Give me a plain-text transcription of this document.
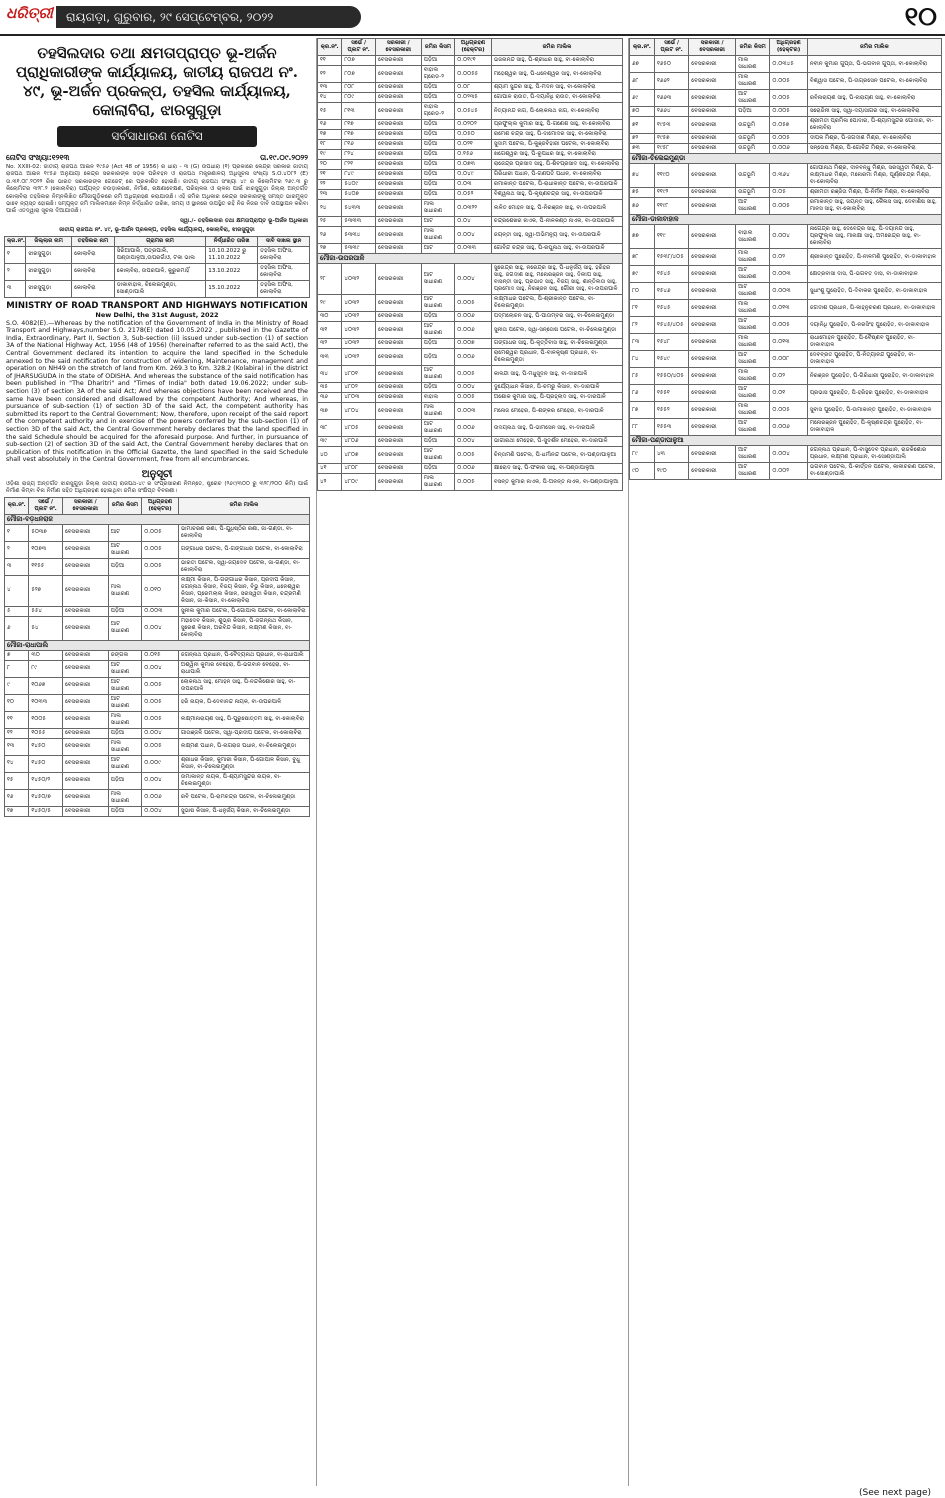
ଧରିତ୍ରୀ	ରାୟଗଡ଼ା, ଗୁରୁବାର, ୨୯ ସେପ୍ଟେମ୍ବର, ୨୦୨୨	୧୦
ତହସିଲଦାର ତଥା କ୍ଷମତାପ୍ରାପ୍ତ ଭୂ-ଅର୍ଜନ ପ୍ରାଧିକାରୀଙ୍କ କାର୍ଯ୍ୟାଳୟ, ଜାତୀୟ ରାଜପଥ ନଂ. ୪୯, ଭୂ-ଅର୍ଜନ ପ୍ରକଳ୍ପ, ତହସିଲ କାର୍ଯ୍ୟାଳୟ, କୋଲାବିରା, ଝାରସୁଗୁଡ଼ା
ସର୍ବସାଧାରଣ ନୋଟିସ
ନୋଟିସ ସଂଖ୍ୟା:୧୨୧୩	ତା.୧୯.୦୯.୨୦୨୨
No. XXIII-02: ଜାତୀୟ ରାଜପଥ ଆଇନ ୧୯୫୬ (Act 48 of 1956) ର ଧାରା - ୩ (G) ଉପଧାରା (୧) ପ୍ରକାରେ କେନ୍ଦ୍ର ସରକାର ଜାତୀୟ ରାଜପଥ ଆଇନ ୧୯୫୬ ଅନୁଯାୟୀ କେନ୍ଦ୍ର ସରକାରଙ୍କ ସଡ଼କ ପରିବହନ ଓ ରାଜପଥ ମନ୍ତ୍ରଣାଳୟ ଅଧିସୂଚନା ସଂଖ୍ୟା S.O.୪୦୮୨ (E) ତା.୩୧.୦୮.୨୦୨୨ ରିଖ ଭାରତ ସରକାରଙ୍କ ଗେଜେଟ୍ ରେ ପ୍ରକାଶିତ ହୋଇଛି। ଜାତୀୟ ରାଜପଥ ସଂଖ୍ୟା ୪୯ ର କିଲୋମିଟର ୨୬୯.୩ ରୁ କିଲୋମିଟର ୩୨୮.୨ (କୋଲାବିରା) ପର୍ଯ୍ୟନ୍ତ ଚଉଡ଼ାକରଣ, ନିର୍ମାଣ, ରକ୍ଷଣାବେକ୍ଷଣ, ପରିଚାଳନା ଓ ଚାଳନା ପାଇଁ ଝାରସୁଗୁଡ଼ା ଜିଲ୍ଲା ଅନ୍ତର୍ଗତ କୋଲାବିରା ତହସିଲର ନିମ୍ନଲିଖିତ ମୌଜାଗୁଡ଼ିକରେ ଜମି ଅଧିଗ୍ରହଣ କରାଯାଉଛି। ଏହି ଜମିର ଅଧିକାର କେନ୍ଦ୍ର ସରକାରଙ୍କୁ ସମସ୍ତ ଭାରମୁକ୍ତ ଭାବେ ନ୍ୟସ୍ତ ହୋଇଛି। ସମ୍ପୃକ୍ତ ଜମି ମାଲିକମାନେ ନିମ୍ନ ନିର୍ଦ୍ଧାରିତ ତାରିଖ, ସମୟ ଓ ସ୍ଥାନରେ ଉପସ୍ଥିତ ରହି ନିଜ ନିଜର ଦାବି ଉପସ୍ଥାପନ କରିବା ପାଇଁ ଏତଦ୍ୱାରା ସୂଚନା ଦିଆଯାଉଛି।
ସ୍ୱା./- ତହସିଲଦାର ତଥା କ୍ଷମତାପ୍ରାପ୍ତ ଭୂ-ଅର୍ଜନ ଅଧିକାରୀ
ଜାତୀୟ ରାଜପଥ ନଂ. ୪୯, ଭୂ-ଅର୍ଜନ ପ୍ରକଳ୍ପ, ତହସିଲ କାର୍ଯ୍ୟାଳୟ, କୋଲାବିରା, ଝାରସୁଗୁଡ଼ା
କ୍ର.ନଂ.	ଜିଲ୍ଲାର ନାମ	ତହସିଲର ନାମ	ଗ୍ରାମର ନାମ	ନିର୍ଦ୍ଧାରିତ ତାରିଖ	ଦାବି ଦାଖଲ ସ୍ଥାନ
୧	ଝାରସୁଗୁଡ଼ା	କୋଲାବିରା	ସିରିଆପାଲି, ପତ୍ରପାଲି, ପଣ୍ଡାପାଳୁଆ,ଉପରଗାଁଓ, ଟକା ଭାଲ	10.10.2022 ରୁ 11.10.2022	ତହସିଲ ଅଫିସ, କୋଲାବିରା
୨	ଝାରସୁଗୁଡ଼ା	କୋଲାବିରା	କୋଲାବିରା, ଉପରପାଳି, କୁରୁରମାହିଁ	13.10.2022	ତହସିଲ ଅଫିସ, କୋଲାବିରା
୩	ଝାରସୁଗୁଡ଼ା	କୋଲାବିରା	ଡାକାବାହାଳ, ଚିଲେଇମୁଣ୍ଡା, ସୋଣ୍ଡାପାଲି	15.10.2022	ତହସିଲ ଅଫିସ, କୋଲାବିରା
MINISTRY OF ROAD TRANSPORT AND HIGHWAYS NOTIFICATION
New Delhi, the 31st August, 2022
S.O. 4082(E).—Whereas by the notification of the Government of India in the Ministry of Road Transport and Highways,number S.O. 2178(E) dated 10.05.2022 , published in the Gazette of India, Extraordinary, Part II, Section 3, Sub-section (ii) issued under sub-section (1) of section 3A of the National Highway Act, 1956 (48 of 1956) (hereinafter referred to as the said Act), the Central Government declared its intention to acquire the land specified in the Schedule annexed to the said notification for construction of widening, Maintenance, management and operation on NH49 on the stretch of land from Km. 269.3 to Km. 328.2 (Kolabira) in the district of JHARSUGUDA in the state of ODISHA. And whereas the substance of the said notification has been published in "The Dharitri" and "Times of India" both dated 19.06.2022; under sub-section (3) of section 3A of the said Act; And whereas objections have been received and the same have been considered and disallowed by the competent Authority; And whereas, in pursuance of sub-section (1) of section 3D of the said Act, the competent authority has submitted its report to the Central Government; Now, therefore, upon receipt of the said report of the competent authority and in exercise of the powers conferred by the sub-section (1) of section 3D of the said Act, the Central Government hereby declares that the land specified in the said Schedule should be acquired for the aforesaid purpose. And further, in pursuance of sub-section (2) of section 3D of the said Act, the Central Government hereby declares that on publication of this notification in the Official Gazette, the land specified in the said Schedule shall vest absolutely in the Central Government, free from all encumbrances.
ଅନୁସୂଚୀ
ଓଡ଼ିଶା ରାଜ୍ୟ ଅନ୍ତର୍ଗତ ଝାରସୁଗୁଡ଼ା ଜିଲ୍ଲା ଜାତୀୟ ରାଜପଥ-୪୯ ର ସଂପ୍ରସାରଣ ନିମନ୍ତେ, ଷ୍ଟ୍ରେଚ (୨୬୯/୩୦୦ ରୁ ୩୨୮/୨୦୦ କିମି) ପାଇଁ ନିର୍ମାଣ କିମ୍ବା ବିନା ନିର୍ମାଣ ସହିତ ଅଧିଗ୍ରହଣ ହୋଇଥିବା ଜମିର ସଂକ୍ଷିପ୍ତ ବିବରଣୀ।
କ୍ର.ନଂ.	ସର୍ଭେ / ପ୍ଲଟ ନଂ.	ସରକାରୀ / ବେସରକାରୀ	ଜମିର କିସମ	ଅଧିଗ୍ରହଣ (ହେକ୍ଟର)	ଜମିର ମାଲିକ
ମୌଜା-ବଡ଼ଧନରାଜ					
୧	୫୦୩୭	ବେସରକାରୀ	ଆଟ	୦.୦୦୫	ଭାମାଚରଣ ରଣା, ପି-ଯୁଧିଷ୍ଠିର ରଣା, ଜା-ଗଣ୍ଡା, ବା-କୋଲାବିରା
୨	୧୦୭୩	ବେସରକାରୀ	ଆଟ ସାଧାରଣ	୦.୦୦୫	ଗଙ୍ଗାଧର ପଟେଲ, ପି-ଗଙ୍ଗାଧର ପଟେଲ, ବା-କୋଲାବିରା
୩	୧୧୫୫	ବେସରକାରୀ	ପଡ଼ିଆ	୦.୦୦୫	ଭାରତୀ ପଟେଲ, ସ୍ୱା-ଜୟଦେବ ପଟେଲ, ଜା-ଗଣ୍ଡା, ବା-କୋଲାବିରା
୪	୫୨୭	ବେସରକାରୀ	ମାଲ ସାଧାରଣ	୦.୦୧୦	ଲକ୍ଷ୍ମୀ କିସାନ, ପି-ଗଙ୍ଗାଧର କିସାନ, ପ୍ରଦୀପ କିସାନ, ଜଗନ୍ନାଥ କିସାନ, ବିଜୟ କିସାନ, ବିଭୁ କିସାନ, ଧନେଶ୍ୱର କିସାନ, ପ୍ରେମଲାଲ କିସାନ, ସରସ୍ୱତୀ କିସାନ, ଚନ୍ଦ୍ରମଣି କିସାନ, ଜା-କିସାନ, ବା-କୋଲାବିରା
୫	୫୫୪	ବେସରକାରୀ	ପଡ଼ିଆ	୦.୦୦୩	ସୁନୀଲ କୁମାର ପଟେଲ, ପି-ଗୋପାଲ ପଟେଲ, ବା-କୋଲାବିରା
୬	୫୪	ବେସରକାରୀ	ଆଟ ସାଧାରଣ	୦.୦୦୪	ମହାଦେବ କିସାନ, ଶୁଭ୍ର କିସାନ, ପି-ଜଗନ୍ନାଥ କିସାନ, ସୁରେଶ କିସାନ, ଅରବିନ୍ଦ କିସାନ, ଲକ୍ଷ୍ମଣ କିସାନ, ବା-କୋଲାବିରା
ମୌଜା-ରାଧାପାଲି					
୭	୩୦	ବେସରକାରୀ	ଜଙ୍ଗଲ	୦.୦୧୫	ଜଗନ୍ନାଥ ପ୍ରଧାନ, ପି-ବୈଦ୍ୟନାଥ ପ୍ରଧାନ, ବା-ରାଧାପାଲି
୮	୮୯	ବେସରକାରୀ	ଆଟ ସାଧାରଣ	୦.୦୦୪	ଅଶ୍ୱିନୀ କୁମାର ବେହେରା, ପି-ଭଗବାନ ବେହେରା, ବା-ରାଧାପାଲି
୯	୧୦୬୭	ବେସରକାରୀ	ଆଟ ସାଧାରଣ	୦.୦୦୫	ଲୋକନାଥ ସାହୁ, ମୋହନ ସାହୁ, ପି-ନନ୍ଦକିଶୋର ସାହୁ, ବା-ଉପରପାଳି
୧୦	୧୦୩୩	ବେସରକାରୀ	ଆଟ ସାଧାରଣ	୦.୦୦୫	ହରି ନାୟକ, ପି-ଦେବାନନ୍ଦ ନାୟକ, ବା-ଉପରପାଳି
୧୧	୧୦୦୫	ବେସରକାରୀ	ମାଲ ସାଧାରଣ	୦.୦୦୫	ଲକ୍ଷ୍ମୀନାରାୟଣ ସାହୁ, ପି-ପୁରୁଷୋତ୍ତମ ସାହୁ, ବା-କୋଲାବିରା
୧୨	୧୦୫୫	ବେସରକାରୀ	ପଡ଼ିଆ	୦.୦୦୪	ଗୀତାଞ୍ଜଳି ପଟେଲ, ସ୍ୱା-ପ୍ରଦୀପ ପଟେଲ, ବା-କୋଲାବିରା
୧୩	୧୪୫୦	ବେସରକାରୀ	ମାଲ ସାଧାରଣ	୦.୦୦୫	ଲକ୍ଷ୍ମଣ ପଧାନ, ପି-ନାଗରାଜ ପଧାନ, ବା-ଚିଲେଇମୁଣ୍ଡା
୧୪	୧୪୫୦	ବେସରକାରୀ	ଆଟ ସାଧାରଣ	୦.୦୦୯	ଶ୍ରୀଧର କିସାନ, କୁମାରୀ କିସାନ, ପି-ଗୋପାଳ କିସାନ, ବୁଧୁ କିସାନ, ବା-ଚିଲେଇମୁଣ୍ଡା
୧୫	୧୪୫୦/୨	ବେସରକାରୀ	ପଡ଼ିଆ	୦.୦୦୪	ଉମାକାନ୍ତ ନାୟକ, ପି-ଶ୍ୟାମସୁନ୍ଦର ନାୟକ, ବା-ଚିଲେଇମୁଣ୍ଡା
୧୬	୧୪୫୦/୭	ବେସରକାରୀ	ମାଲ ସାଧାରଣ	୦.୦୦୬	ରବି ପଟେଲ, ପି-ରାମଚନ୍ଦ୍ର ପଟେଲ, ବା-ଚିଲେଇମୁଣ୍ଡା
୧୭	୧୪୫୦/୫	ବେସରକାରୀ	ପଡ଼ିଆ	୦.୦୦୪	ସୁଭାଷ କିସାନ, ପି-ଧନୁର୍ଜୟ କିସାନ, ବା-ଚିଲେଇମୁଣ୍ଡା
କ୍ର.ନଂ.	ସର୍ଭେ / ପ୍ଲଟ ନଂ.	ସରକାରୀ / ବେସରକାରୀ	ଜମିର କିସମ	ଅଧିଗ୍ରହଣ (ହେକ୍ଟର)	ଜମିର ମାଲିକ
୧୧	୮୦୭	ବେସରକାରୀ	ପଡ଼ିଆ	୦.୦୧୯୧	ଭଜନାନନ୍ଦ ସାହୁ, ପି-ଶ୍ରୀଧର ସାହୁ, ବା-କୋଲାବିରା
୧୨	୮୦୭	ବେସରକାରୀ	ବାହାଲ ଗ୍ରେଡ-୨	୦.୦୦୫୫	ମହେଶ୍ୱର ସାହୁ, ପି-ଧନେଶ୍ୱର ସାହୁ, ବା-କୋଲାବିରା
୧୩	୮୦୮	ବେସରକାରୀ	ପଡ଼ିଆ	୦.୦୮	ଶ୍ୟାମ ସୁନ୍ଦର ସାହୁ, ପି-ମଦନ ସାହୁ, ବା-କୋଲାବିରା
୧୪	୮୦୯	ବେସରକାରୀ	ପଡ଼ିଆ	୦.୦୨୩୫	ଗୋପାଳ ରାଉତ, ପି-ଦୟାନିଧି ରାଉତ, ବା-କୋଲାବିରା
୧୫	୮୧୩	ବେସରକାରୀ	ବାହାଲ ଗ୍ରେଡ-୨	୦.୦୫୪୫	ନିତ୍ୟାନନ୍ଦ ନାଗ, ପି-ଲୋକନାଥ ନାଗ, ବା-କୋଲାବିରା
୧୬	୮୧୭	ବେସରକାରୀ	ପଡ଼ିଆ	୦.୦୨୦୨	ପ୍ରଫୁଲ୍ଲ କୁମାର ସାହୁ, ପି-ଗଣେଶ ସାହୁ, ବା-କୋଲାବିରା
୧୭	୮୧୭	ବେସରକାରୀ	ପଡ଼ିଆ	୦.୦୫୦	ରମେଶ ଚନ୍ଦ୍ର ସାହୁ, ପି-ଦାମୋଦର ସାହୁ, ବା-କୋଲାବିରା
୧୮	୮୧୬	ବେସରକାରୀ	ପଡ଼ିଆ	୦.୦୨୧	ସୁଦାମ ପଟେଲ, ପି-କୁଞ୍ଜବିହାରୀ ପଟେଲ, ବା-କୋଲାବିରା
୧୯	୮୨୪	ବେସରକାରୀ	ପଡ଼ିଆ	୦.୧୫୬	ଖଗେଶ୍ୱର ସାହୁ, ପି-ରୂପଧର ସାହୁ, ବା-କୋଲାବିରା
୨୦	୮୨୧	ବେସରକାରୀ	ପଡ଼ିଆ	୦.୦୭୩	ରାଜେନ୍ଦ୍ର ପ୍ରସାଦ ସାହୁ, ପି-ଶିବପ୍ରସାଦ ସାହୁ, ବା-କୋଲାବିରା
୨୧	୮୪୯	ବେସରକାରୀ	ପଡ଼ିଆ	୦.୦୪୯	ଗିରିଧାରୀ ପଧାନ, ପି-ଗଣପତି ପଧାନ, ବା-କୋଲାବିରା
୨୨	୫୪୦୯	ବେସରକାରୀ	ପଡ଼ିଆ	୦.୦୩	ରମାକାନ୍ତ ପଟେଲ, ପି-ରାଧାକାନ୍ତ ପଟେଲ, ବା-ଉପରପାଳି
୨୩	୫୪୦୭	ବେସରକାରୀ	ପଡ଼ିଆ	୦.୦୫୨	ବିଶ୍ୱନାଥ ସାହୁ, ପି-କୃଷ୍ଣଚନ୍ଦ୍ର ସାହୁ, ବା-ଉପରପାଳି
୨୪	୫୪୩୩	ବେସରକାରୀ	ମାଲ ସାଧାରଣ	୦.୦୩୨୨	ଲଳିତ ମୋହନ ସାହୁ, ପି-ନିରଞ୍ଜନ ସାହୁ, ବା-ଉପରପାଳି
୨୫	୫୩୩୩	ବେସରକାରୀ	ଆଟ	୦.୦୪	ଚନ୍ଦ୍ରଶେଖର ନାଏକ, ପି-ନୀଳକଣ୍ଠ ନାଏକ, ବା-ଉପରପାଳି
୨୬	୫୩୩୪	ବେସରକାରୀ	ମାଲ ସାଧାରଣ	୦.୦୦୪	ଜୟନ୍ତୀ ସାହୁ, ସ୍ୱା-ଅଭିମନ୍ୟୁ ସାହୁ, ବା-ଉପରପାଳି
୨୭	୫୩୩୯	ବେସରକାରୀ	ଆଟ	୦.୦୩୩	ଗୋବିନ୍ଦ ଚନ୍ଦ୍ର ସାହୁ, ପି-ରଘୁନାଥ ସାହୁ, ବା-ଉପରପାଳି
ମୌଜା-ଉପରପାଳି					
୨୮	୪୦୩୨	ବେସରକାରୀ	ଆଟ ସାଧାରଣ	୦.୦୦୪	ସୁରେନ୍ଦ୍ର ସାହୁ, ନରେନ୍ଦ୍ର ସାହୁ, ପି-ଧନୁର୍ଜୟ ସାହୁ, ହରିହର ସାହୁ, ଜଗଦୀଶ ସାହୁ, ମନୋରଞ୍ଜନ ସାହୁ, ଦିଲୀପ ସାହୁ, ବାସନ୍ତୀ ସାହୁ, ପ୍ରଭାତ ସାହୁ, ବିଜୟ ସାହୁ, ଶାନ୍ତିଲତା ସାହୁ, ପ୍ରମୋଦ ସାହୁ, ନିରଞ୍ଜନ ସାହୁ, ଗୌରୀ ସାହୁ, ବା-ଉପରପାଳି
୨୯	୪୦୩୨	ବେସରକାରୀ	ଆଟ ସାଧାରଣ	୦.୦୦୫	ଲକ୍ଷ୍ମୀଧର ପଟେଲ, ପି-ଶ୍ରୀକାନ୍ତ ପଟେଲ, ବା-ଚିଲେଇମୁଣ୍ଡା
୩୦	୪୦୩୨	ବେସରକାରୀ	ପଡ଼ିଆ	୦.୦୦୬	ପଦ୍ମଲୋଚନ ସାହୁ, ପି-ପୀତାମ୍ବର ସାହୁ, ବା-ଚିଲେଇମୁଣ୍ଡା
୩୧	୪୦୩୨	ବେସରକାରୀ	ଆଟ ସାଧାରଣ	୦.୦୦୬	ସୁନୀତା ପଟେଲ, ସ୍ୱା-ସନ୍ତୋଷ ପଟେଲ, ବା-ଚିଲେଇମୁଣ୍ଡା
୩୨	୪୦୩୨	ବେସରକାରୀ	ପଡ଼ିଆ	୦.୦୦୭	ଗଙ୍ଗାଧର ସାହୁ, ପି-କୃତ୍ତିବାସ ସାହୁ, ବା-ଚିଲେଇମୁଣ୍ଡା
୩୩	୪୦୩୨	ବେସରକାରୀ	ପଡ଼ିଆ	୦.୦୦୬	ରାମେଶ୍ୱର ପ୍ରଧାନ, ପି-ବାଳକୃଷ୍ଣ ପ୍ରଧାନ, ବା-ଚିଲେଇମୁଣ୍ଡା
୩୪	୪୮୦୧	ବେସରକାରୀ	ଆଟ ସାଧାରଣ	୦.୦୦୫	କାଳନ୍ଦୀ ସାହୁ, ପି-ମଧୁସୂଦନ ସାହୁ, ବା-ଦାରପାଳି
୩୫	୪୮୦୨	ବେସରକାରୀ	ପଡ଼ିଆ	୦.୦୦୪	ଦୁର୍ଯ୍ୟୋଧନ କିସାନ, ପି-ଚମରୁ କିସାନ, ବା-ଦାରପାଳି
୩୬	୪୮୦୩	ବେସରକାରୀ	ବାହାଲ	୦.୦୦୫	ଅଶୋକ କୁମାର ସାହୁ, ପି-ପ୍ରହ୍ଲାଦ ସାହୁ, ବା-ଦାରପାଳି
୩୭	୪୮୦୪	ବେସରକାରୀ	ମାଲ ସାଧାରଣ	୦.୦୦୩	ମନୋଜ ମେହେର, ପି-ଶଙ୍କର ମେହେର, ବା-ଦାରପାଳି
୩୮	୪୮୦୫	ବେସରକାରୀ	ଆଟ ସାଧାରଣ	୦.୦୦୬	ଉଦୟନାଥ ସାହୁ, ପି-ଭୀମସେନ ସାହୁ, ବା-ଦାରପାଳି
୩୯	୪୮୦୬	ବେସରକାରୀ	ପଡ଼ିଆ	୦.୦୦୪	ଭାଗୀରଥୀ ମେହେର, ପି-ସୁଦର୍ଶନ ମେହେର, ବା-ଦାରପାଳି
୪୦	୪୮୦୭	ବେସରକାରୀ	ଆଟ ସାଧାରଣ	୦.୦୦୫	ଚିନ୍ତାମଣି ପଟେଲ, ପି-ଧର୍ମାନନ୍ଦ ପଟେଲ, ବା-ପଣ୍ଡାପାଳୁଆ
୪୧	୪୮୦୮	ବେସରକାରୀ	ପଡ଼ିଆ	୦.୦୦୬	କ୍ଷୀରୋଦ ସାହୁ, ପି-ଫକୀର ସାହୁ, ବା-ପଣ୍ଡାପାଳୁଆ
୪୨	୪୮୦୯	ବେସରକାରୀ	ମାଲ ସାଧାରଣ	୦.୦୦୫	ବସନ୍ତ କୁମାର ନାଏକ, ପି-ଅନନ୍ତ ନାଏକ, ବା-ପଣ୍ଡାପାଳୁଆ
କ୍ର.ନଂ.	ସର୍ଭେ / ପ୍ଲଟ ନଂ.	ସରକାରୀ / ବେସରକାରୀ	ଜମିର କିସମ	ଅଧିଗ୍ରହଣ (ହେକ୍ଟର)	ଜମିର ମାଲିକ
୬୭	୧୬୫୦	ବେସରକାରୀ	ମାଲ ସାଧାରଣ	୦.୦୩୪୫	ନବୀନ କୁମାର ଗୁପ୍ତା, ପି-ଭଗବାନ ଗୁପ୍ତା, ବା-କୋଲାବିରା
୬୮	୧୬୬୨	ବେସରକାରୀ	ମାଲ ସାଧାରଣ	୦.୦୦୫	ବିଶ୍ୱାସ ପଟେଲ, ପି-ଉଗ୍ରସେନ ପଟେଲ, ବା-କୋଲାବିରା
୬୯	୧୬୬୩	ବେସରକାରୀ	ଆଟ ସାଧାରଣ	୦.୦୦୫	ରବିନାରାୟଣ ସାହୁ, ପି-ନାରାୟଣ ସାହୁ, ବା-କୋଲାବିରା
୭୦	୧୬୬୪	ବେସରକାରୀ	ପଡ଼ିଆ	୦.୦୦୫	ସରୋଜିନୀ ସାହୁ, ସ୍ୱା-ଦୟାସାଗର ସାହୁ, ବା-କୋଲାବିରା
୭୧	୧୯୫୩	ବେସରକାରୀ	ଉଚ୍ଚଭୂମି	୦.୦୫୭	ଶ୍ରୀମତୀ ପ୍ରମିଳା ପୋଦାର, ପି-ଶ୍ୟାମସୁନ୍ଦର ପୋଦାର, ବା-କୋଲାବିରା
୭୨	୧୯୫୭	ବେସରକାରୀ	ଉଚ୍ଚଭୂମି	୦.୦୦୫	ଦୀପକ ମିଶ୍ର, ପି-ଜଗଦୀଶ ମିଶ୍ର, ବା-କୋଲାବିରା
୭୩	୧୯୫୮	ବେସରକାରୀ	ଉଚ୍ଚଭୂମି	୦.୦୦୬	ସନ୍ତୋଷ ମିଶ୍ର, ପି-ଗୋବିନ୍ଦ ମିଶ୍ର, ବା-କୋଲାବିରା
ମୌଜା-ଚିଲେଇମୁଣ୍ଡା					
୭୪	୧୧୯୦	ବେସରକାରୀ	ଉଚ୍ଚଭୂମି	୦.୩୬୪	ଗୋପୀନାଥ ମିଶ୍ର, ଦୀନବନ୍ଧୁ ମିଶ୍ର, ସରସ୍ୱତୀ ମିଶ୍ର, ପି-ଲକ୍ଷ୍ମୀଧର ମିଶ୍ର, ମନୋରମା ମିଶ୍ର, ପୂର୍ଣ୍ଣଚନ୍ଦ୍ର ମିଶ୍ର, ବା-କୋଲାବିରା
୭୫	୧୧୯୨	ବେସରକାରୀ	ଉଚ୍ଚଭୂମି	୦.୦୫	ଶ୍ରୀମତୀ ରଞ୍ଜିତା ମିଶ୍ର, ପି-ନିର୍ମଳ ମିଶ୍ର, ବା-କୋଲାବିରା
୭୬	୧୧୯୮	ବେସରକାରୀ	ଆଟ ସାଧାରଣ	୦.୦୦୫	ରମାକାନ୍ତ ସାହୁ, ଜୟନ୍ତ ସାହୁ, କୈଳାସ ସାହୁ, ଦେବାଶିଷ ସାହୁ, ମାନସ ସାହୁ, ବା-କୋଲାବିରା
ମୌଜା-ଡାକାବାହାଳ					
୭୭	୧୧୯	ବେସରକାରୀ	ବାହାଲ ସାଧାରଣ	୦.୦୦୪	ନାଗେନ୍ଦ୍ର ସାହୁ, ଦେବେନ୍ଦ୍ର ସାହୁ, ପି-ଦୟାନନ୍ଦ ସାହୁ, ପ୍ରଫୁଲ୍ଲ ସାହୁ, ମୀନାକ୍ଷୀ ସାହୁ, ଅମରେନ୍ଦ୍ର ସାହୁ, ବା-କୋଲାବିରା
୭୮	୧୫୩୮/୪୦୫	ବେସରକାରୀ	ମାଲ ସାଧାରଣ	୦.୦୨	ଶ୍ରୀକାନ୍ତ ପୁରୋହିତ, ପି-ନୀଳମଣି ପୁରୋହିତ, ବା-ଡାକାବାହାଳ
୭୯	୧୫୪୫	ବେସରକାରୀ	ଆଟ ସାଧାରଣ	୦.୦୦୩	କ୍ଷେତ୍ରବାସୀ ଦାସ, ପି-ଭଗବତ ଦାସ, ବା-ଡାକାବାହାଳ
୮୦	୧୫୪୬	ବେସରକାରୀ	ଆଟ ସାଧାରଣ	୦.୦୦୩	ସୁଧାଂଶୁ ପୁରୋହିତ, ପି-ଦିବାକର ପୁରୋହିତ, ବା-ଡାକାବାହାଳ
୮୧	୧୫୪୫	ବେସରକାରୀ	ମାଲ ସାଧାରଣ	୦.୦୧୩	ଜଗଦୀଶ ପ୍ରଧାନ, ପି-କାହ୍ନୁଚରଣ ପ୍ରଧାନ, ବା-ଡାକାବାହାଳ
୮୨	୧୫୪୫/୪୦୫	ବେସରକାରୀ	ଆଟ ସାଧାରଣ	୦.୦୦୫	ଦୟାନିଧି ପୁରୋହିତ, ପି-ନରସିଂହ ପୁରୋହିତ, ବା-ଡାକାବାହାଳ
୮୩	୧୫୪୮	ବେସରକାରୀ	ମାଲ ସାଧାରଣ	୦.୦୧୩	ରାଧାମୋହନ ପୁରୋହିତ, ପି-ବୈଷ୍ଣବ ପୁରୋହିତ, ବା-ଡାକାବାହାଳ
୮୪	୧୫୪୯	ବେସରକାରୀ	ଆଟ ସାଧାରଣ	୦.୦୦୮	ଦେବବ୍ରତ ପୁରୋହିତ, ପି-ନିତ୍ୟାନନ୍ଦ ପୁରୋହିତ, ବା-ଡାକାବାହାଳ
୮୫	୧୫୫୦/୪୦୫	ବେସରକାରୀ	ମାଲ ସାଧାରଣ	୦.୦୨	ନିରଞ୍ଜନ ପୁରୋହିତ, ପି-ଗିରିଧାରୀ ପୁରୋହିତ, ବା-ଡାକାବାହାଳ
୮୬	୧୫୫୧	ବେସରକାରୀ	ଆଟ ସାଧାରଣ	୦.୦୧	ପ୍ରଭାସ ପୁରୋହିତ, ପି-ହରିହର ପୁରୋହିତ, ବା-ଡାକାବାହାଳ
୮୭	୧୫୫୨	ବେସରକାରୀ	ମାଲ ସାଧାରଣ	୦.୦୦୫	ସୁବାସ ପୁରୋହିତ, ପି-ଉମାକାନ୍ତ ପୁରୋହିତ, ବା-ଡାକାବାହାଳ
୮୮	୧୫୫୩	ବେସରକାରୀ	ଆଟ ସାଧାରଣ	୦.୦୦୬	ମନୋରଞ୍ଜନ ପୁରୋହିତ, ପି-କୃଷ୍ଣଚନ୍ଦ୍ର ପୁରୋହିତ, ବା-ଡାକାବାହାଳ
ମୌଜା-ପଣ୍ଡାପାଳୁଆ					
୮୯	୪୩	ବେସରକାରୀ	ଆଟ ସାଧାରଣ	୦.୦୦୪	ଜଗନ୍ନାଥ ପ୍ରଧାନ, ପି-ବାସୁଦେବ ପ୍ରଧାନ, ରାଜକିଶୋର ପ୍ରଧାନ, ଲକ୍ଷ୍ମଣ ପ୍ରଧାନ, ବା-ସୋଣ୍ଡାପାଲି
୯୦	୧୯୦	ବେସରକାରୀ	ଆଟ ସାଧାରଣ	୦.୦୦୨	ଭଗବାନ ପଟେଲ, ପି-କୀର୍ତ୍ତନ ପଟେଲ, କାଳୀଚରଣ ପଟେଲ, ବା-ସୋଣ୍ଡାପାଲି
(See next page)
